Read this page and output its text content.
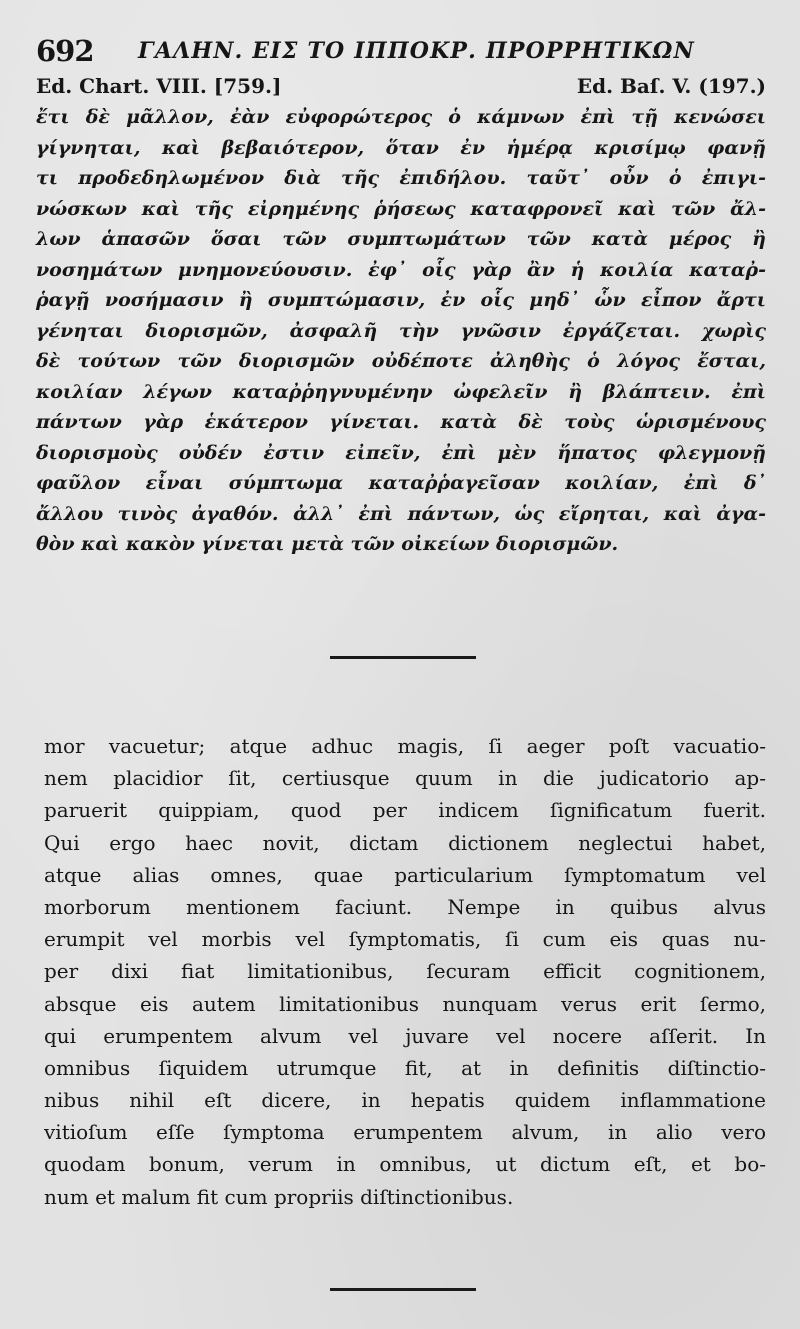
692 ΓΑΛΗΝ. ΕΙΣ ΤΟ ΙΠΠΟΚΡ. ΠΡΟΡΡΗΤΙΚΩΝ
Ed. Chart. VIII. [759.]	Ed. Baſ. V. (197.)
ἔτι δὲ μᾶλλον, ἐὰν εὐφορώτερος ὁ κάμνων ἐπὶ τῇ κενώσει
γίγνηται, καὶ βεβαιότερον, ὅταν ἐν ἡμέρᾳ κρισίμῳ φανῇ
τι προδεδηλωμένον διὰ τῆς ἐπιδήλου. ταῦτ᾽ οὖν ὁ ἐπιγι-
νώσκων καὶ τῆς εἰρημένης ῥήσεως καταφρονεῖ καὶ τῶν ἄλ-
λων ἁπασῶν ὅσαι τῶν συμπτωμάτων τῶν κατὰ μέρος ἢ
νοσημάτων μνημονεύουσιν. ἐφ᾽ οἷς γὰρ ἂν ἡ κοιλία καταῤ-
ῥαγῇ νοσήμασιν ἢ συμπτώμασιν, ἐν οἷς μηδ᾽ ὧν εἶπον ἄρτι
γένηται διορισμῶν, ἀσφαλῆ τὴν γνῶσιν ἐργάζεται. χωρὶς
δὲ τούτων τῶν διορισμῶν οὐδέποτε ἀληθὴς ὁ λόγος ἔσται,
κοιλίαν λέγων καταῤῥηγνυμένην ὠφελεῖν ἢ βλάπτειν. ἐπὶ
πάντων γὰρ ἑκάτερον γίνεται. κατὰ δὲ τοὺς ὡρισμένους
διορισμοὺς οὐδέν ἐστιν εἰπεῖν, ἐπὶ μὲν ἥπατος φλεγμονῇ
φαῦλον εἶναι σύμπτωμα καταῤῥαγεῖσαν κοιλίαν, ἐπὶ δ᾽
ἄλλου τινὸς ἀγαθόν. ἀλλ᾽ ἐπὶ πάντων, ὡς εἴρηται, καὶ ἀγα-
θὸν καὶ κακὸν γίνεται μετὰ τῶν οἰκείων διορισμῶν.
mor vacuetur; atque adhuc magis, ſi aeger poſt vacuatio-
nem placidior ſit, certiusque quum in die judicatorio ap-
paruerit quippiam, quod per indicem ſignificatum fuerit.
Qui ergo haec novit, dictam dictionem neglectui habet,
atque alias omnes, quae particularium ſymptomatum vel
morborum mentionem faciunt. Nempe in quibus alvus
erumpit vel morbis vel ſymptomatis, ſi cum eis quas nu-
per dixi fiat limitationibus, ſecuram efficit cognitionem,
absque eis autem limitationibus nunquam verus erit ſermo,
qui erumpentem alvum vel juvare vel nocere aſſerit. In
omnibus ſiquidem utrumque fit, at in definitis diſtinctio-
nibus nihil eſt dicere, in hepatis quidem inflammatione
vitioſum eſſe ſymptoma erumpentem alvum, in alio vero
quodam bonum, verum in omnibus, ut dictum eſt, et bo-
num et malum fit cum propriis diſtinctionibus.
